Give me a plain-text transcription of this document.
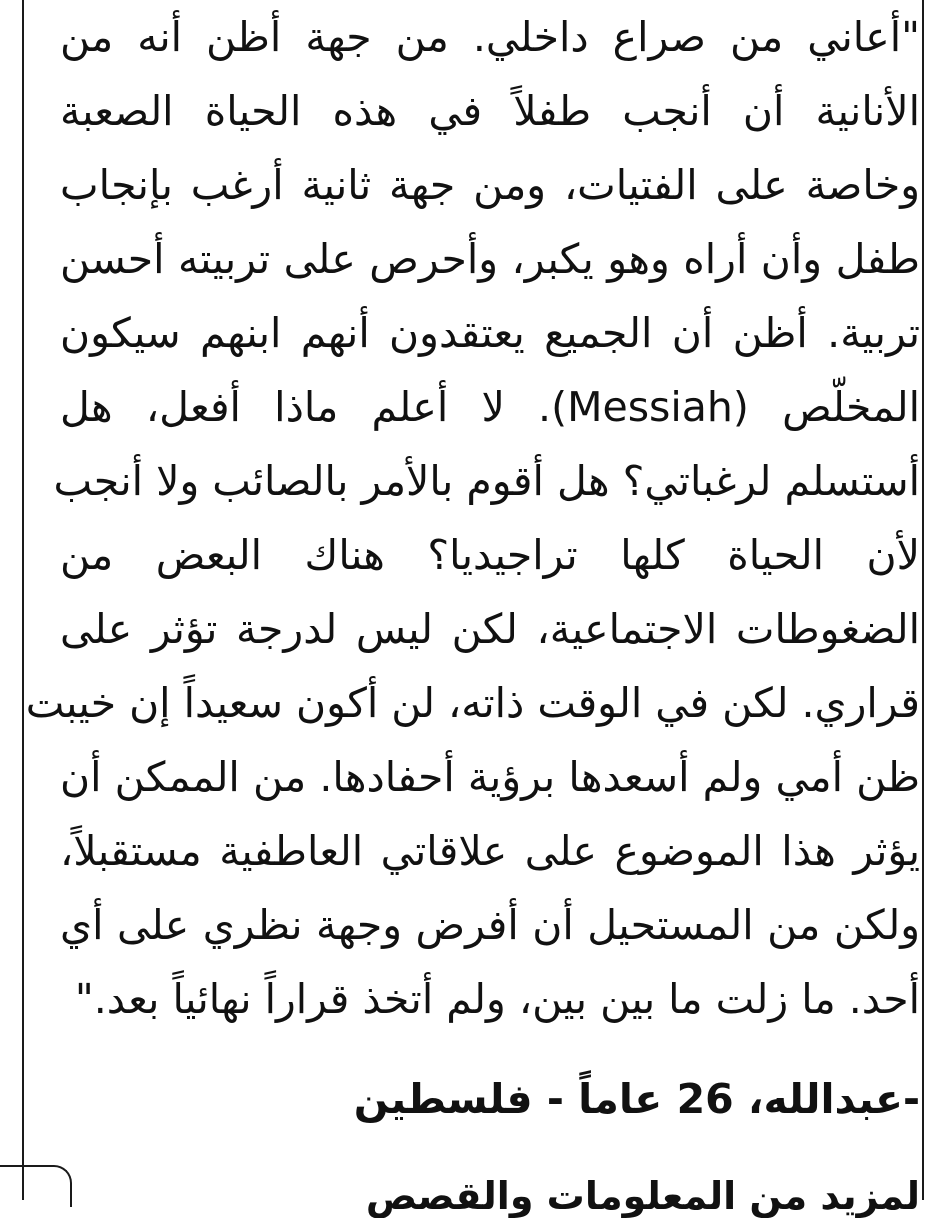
"أعاني من صراع داخلي. من جهة أظن أنه من
الأنانية أن أنجب طفلاً في هذه الحياة الصعبة
وخاصة على الفتيات، ومن جهة ثانية أرغب بإنجاب
طفل وأن أراه وهو يكبر، وأحرص على تربيته أحسن
تربية. أظن أن الجميع يعتقدون أنهم ابنهم سيكون
المخلّص (Messiah). لا أعلم ماذا أفعل، هل
أستسلم لرغباتي؟ هل أقوم بالأمر بالصائب ولا أنجب
لأن الحياة كلها تراجيديا؟ هناك البعض من
الضغوطات الاجتماعية، لكن ليس لدرجة تؤثر على
قراري. لكن في الوقت ذاته، لن أكون سعيداً إن خيبت
ظن أمي ولم أسعدها برؤية أحفادها. من الممكن أن
يؤثر هذا الموضوع على علاقاتي العاطفية مستقبلاً،
ولكن من المستحيل أن أفرض وجهة نظري على أي
أحد. ما زلت ما بين بين، ولم أتخذ قراراً نهائياً بعد."
-عبدالله، 26 عاماً - فلسطين
لمزيد من المعلومات والقصص
